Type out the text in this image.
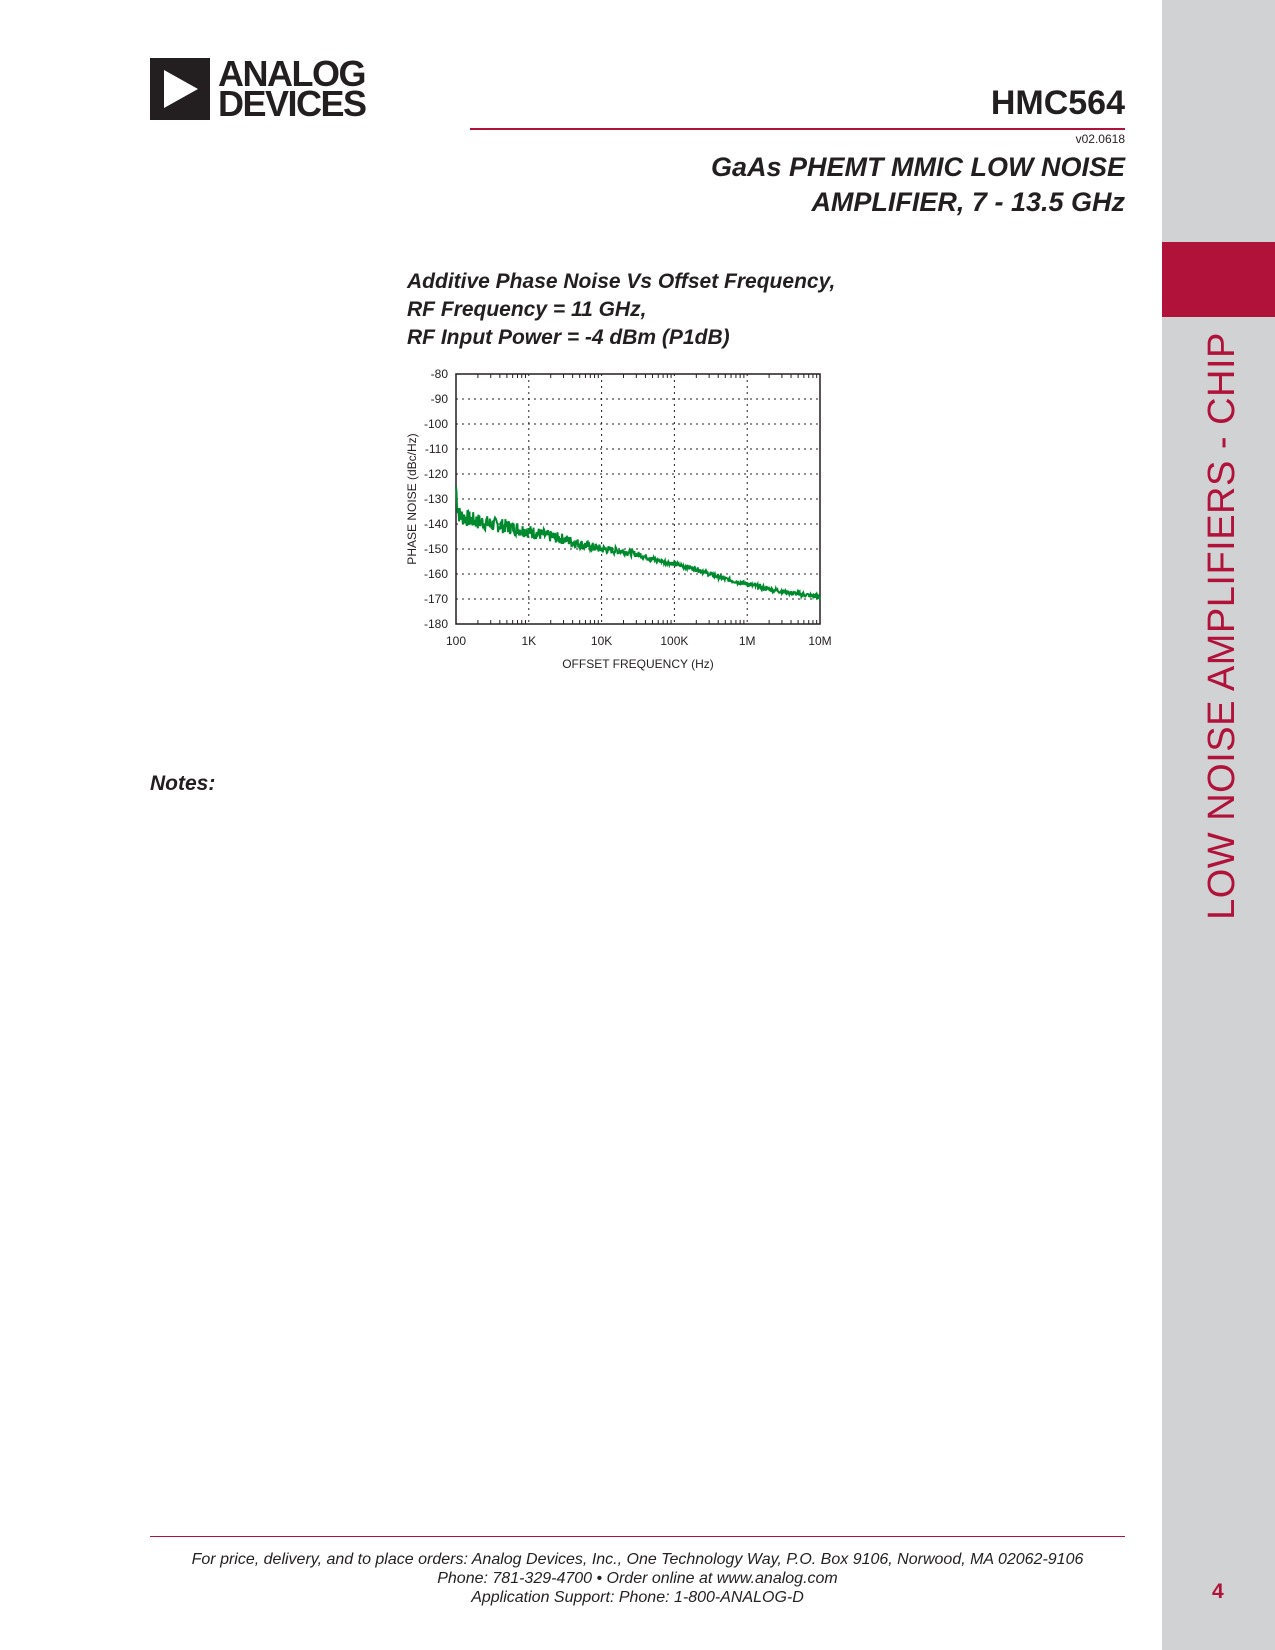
LOW NOISE AMPLIFIERS - CHIP
4
ANALOG
DEVICES	HMC564
v02.0618
GaAs PHEMT MMIC LOW NOISE
AMPLIFIER, 7 - 13.5 GHz
Additive Phase Noise Vs Offset Frequency,
RF Frequency = 11 GHz,
RF Input Power = -4 dBm (P1dB)
-80
-90
-100
-110
-120
-130
-140
-150
-160
-170
-180
100	1K	10K	100K	1M	10M
OFFSET FREQUENCY (Hz)
PHASE NOISE (dBc/Hz)
Notes:
For price, delivery, and to place orders: Analog Devices, Inc., One Technology Way, P.O. Box 9106, Norwood, MA 02062-9106
Phone: 781-329-4700 • Order online at www.analog.com
Application Support: Phone: 1-800-ANALOG-D
